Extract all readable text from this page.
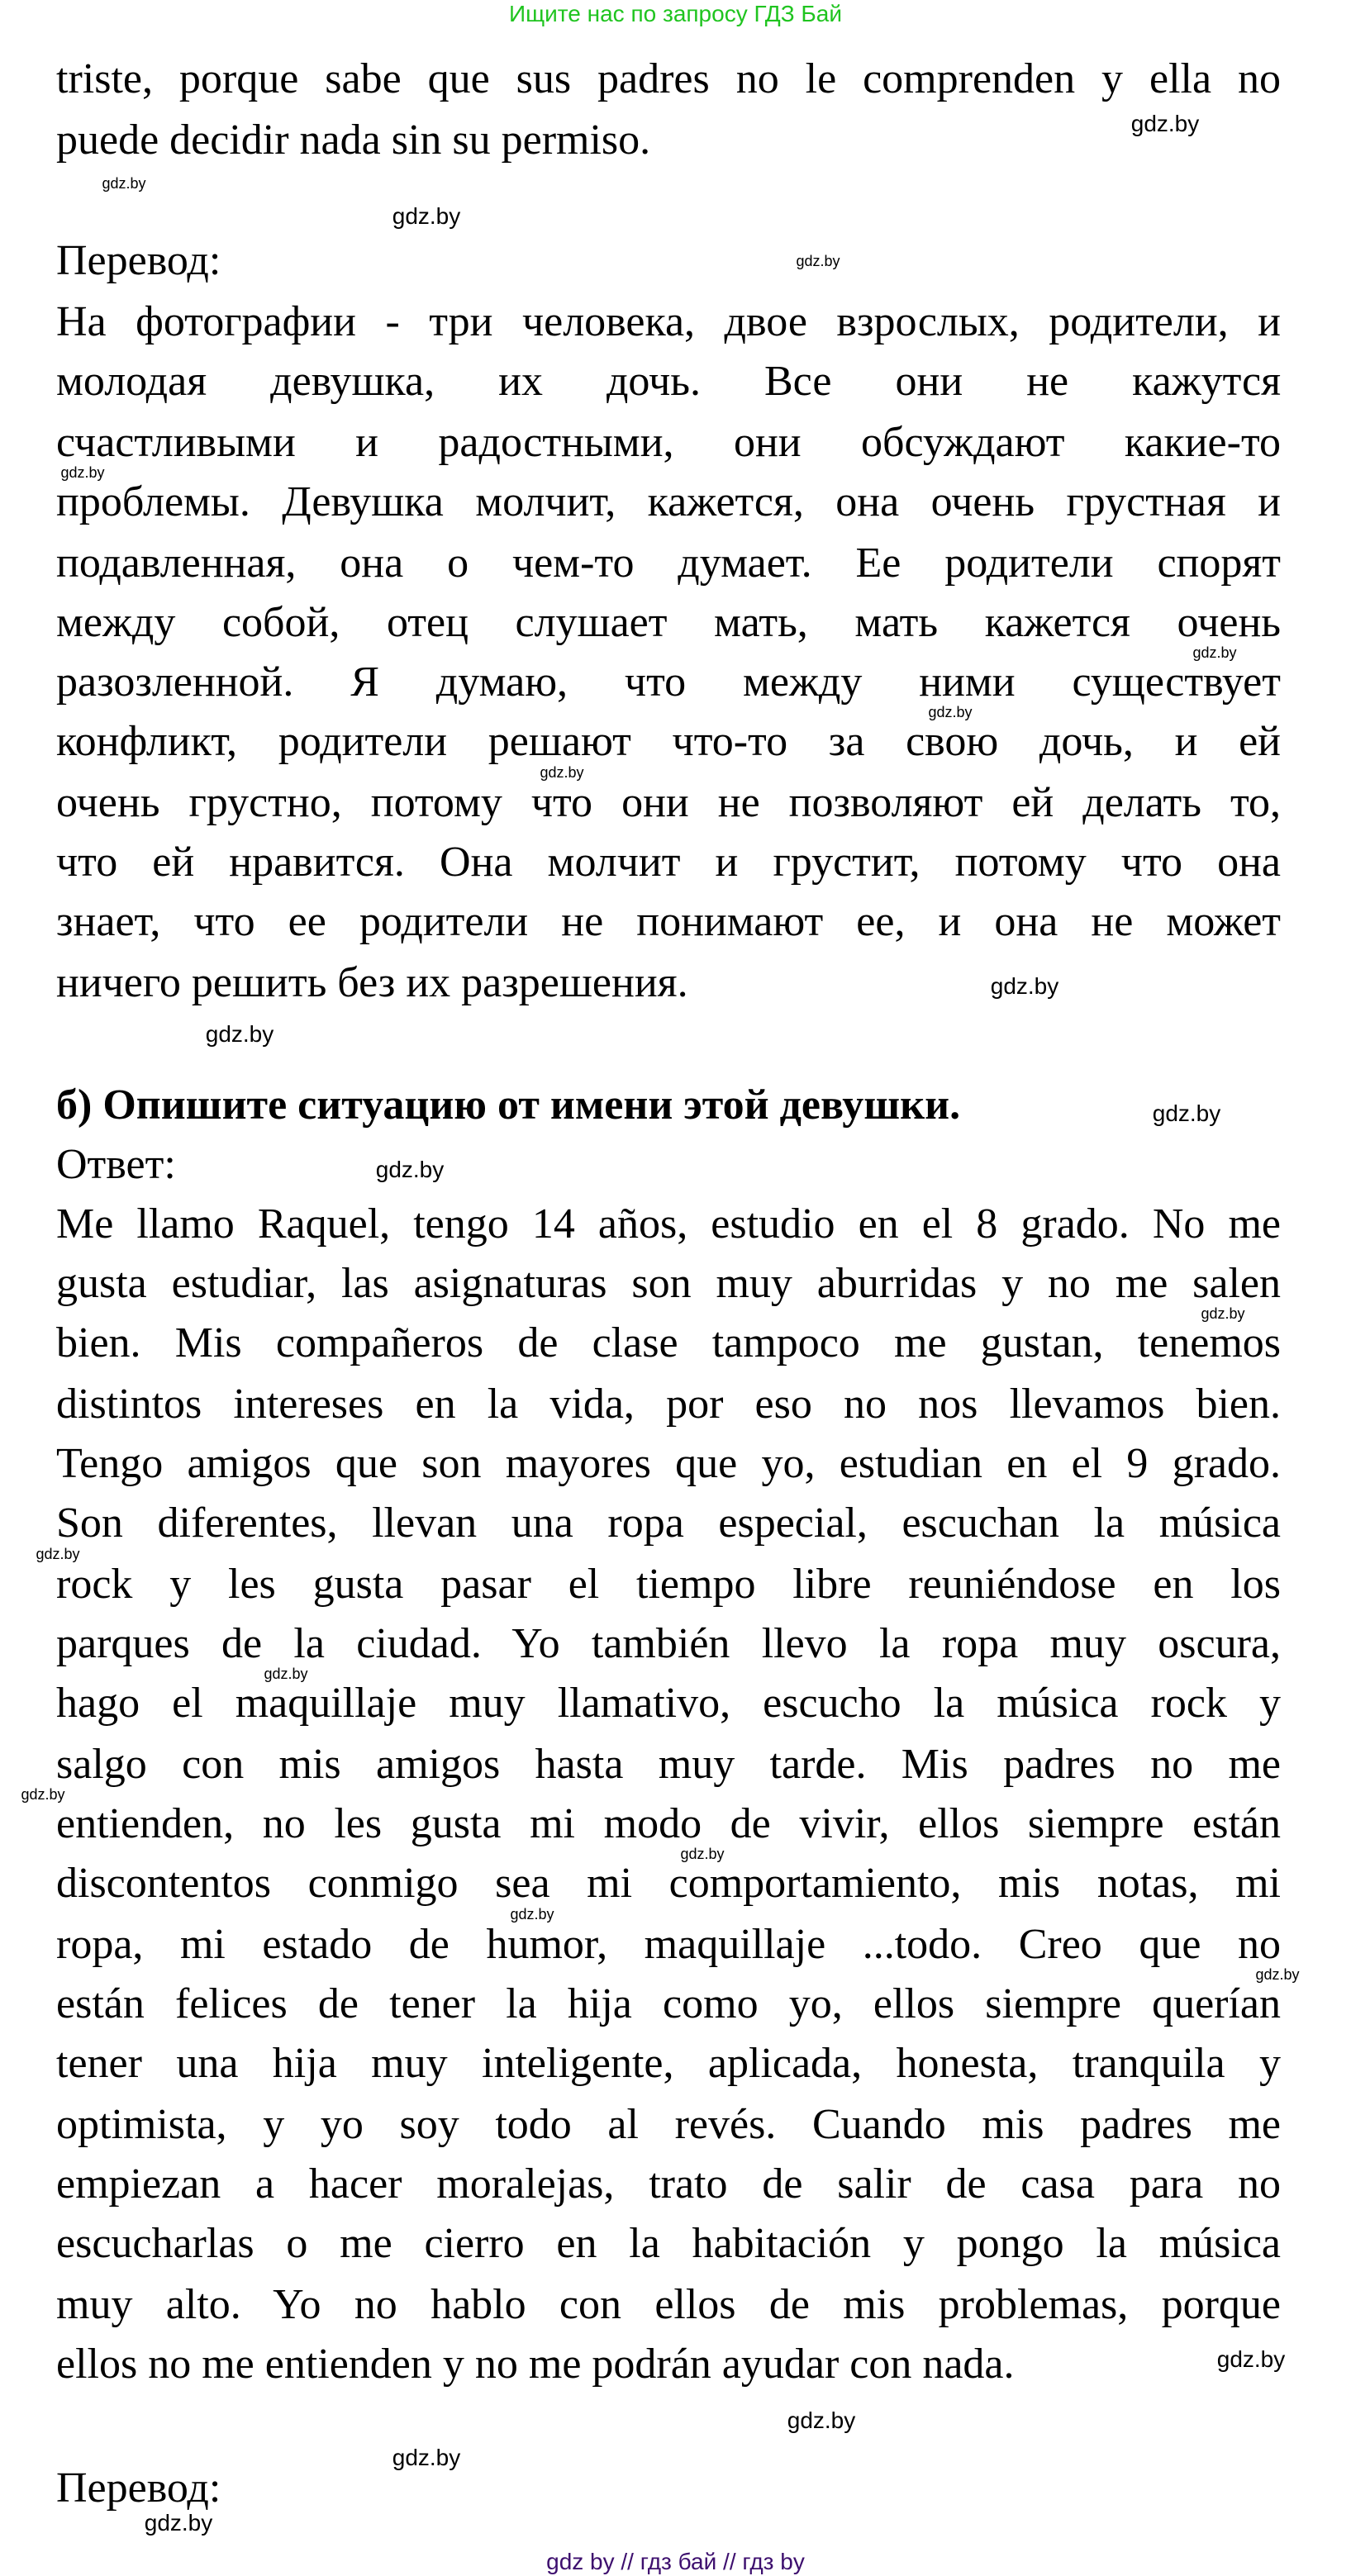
Ищите нас по запросу ГДЗ Бай
triste, porque sabe que sus padres no le comprenden y ella no
puede decidir nada sin su permiso.
Перевод:
На фотографии - три человека, двое взрослых, родители, и
молодая девушка, их дочь. Все они не кажутся
счастливыми и радостными, они обсуждают какие-то
проблемы. Девушка молчит, кажется, она очень грустная и
подавленная, она о чем-то думает. Ее родители спорят
между собой, отец слушает мать, мать кажется очень
разозленной. Я думаю, что между ними существует
конфликт, родители решают что-то за свою дочь, и ей
очень грустно, потому что они не позволяют ей делать то,
что ей нравится. Она молчит и грустит, потому что она
знает, что ее родители не понимают ее, и она не может
ничего решить без их разрешения.
б) Опишите ситуацию от имени этой девушки.
Ответ:
Me llamo Raquel, tengo 14 años, estudio en el 8 grado. No me
gusta estudiar, las asignaturas son muy aburridas y no me salen
bien. Mis compañeros de clase tampoco me gustan, tenemos
distintos intereses en la vida, por eso no nos llevamos bien.
Tengo amigos que son mayores que yo, estudian en el 9 grado.
Son diferentes, llevan una ropa especial, escuchan la música
rock y les gusta pasar el tiempo libre reuniéndose en los
parques de la ciudad. Yo también llevo la ropa muy oscura,
hago el maquillaje muy llamativo, escucho la música rock y
salgo con mis amigos hasta muy tarde. Mis padres no me
entienden, no les gusta mi modo de vivir, ellos siempre están
discontentos conmigo sea mi comportamiento, mis notas, mi
ropa, mi estado de humor, maquillaje ...todo. Creo que no
están felices de tener la hija como yo, ellos siempre querían
tener una hija muy inteligente, aplicada, honesta, tranquila y
optimista, y yo soy todo al revés. Cuando mis padres me
empiezan a hacer moralejas, trato de salir de casa para no
escucharlas o me cierro en la habitación y pongo la música
muy alto. Yo no hablo con ellos de mis problemas, porque
ellos no me entienden y no me podrán ayudar con nada.
Перевод:
gdz.by
gdz.by
gdz.by
gdz.by
gdz.by
gdz.by
gdz.by
gdz.by
gdz.by
gdz.by
gdz.by
gdz.by
gdz.by
gdz.by
gdz.by
gdz.by
gdz.by
gdz.by
gdz.by
gdz.by
gdz.by
gdz.by
gdz.by
gdz by // гдз бай // гдз by
